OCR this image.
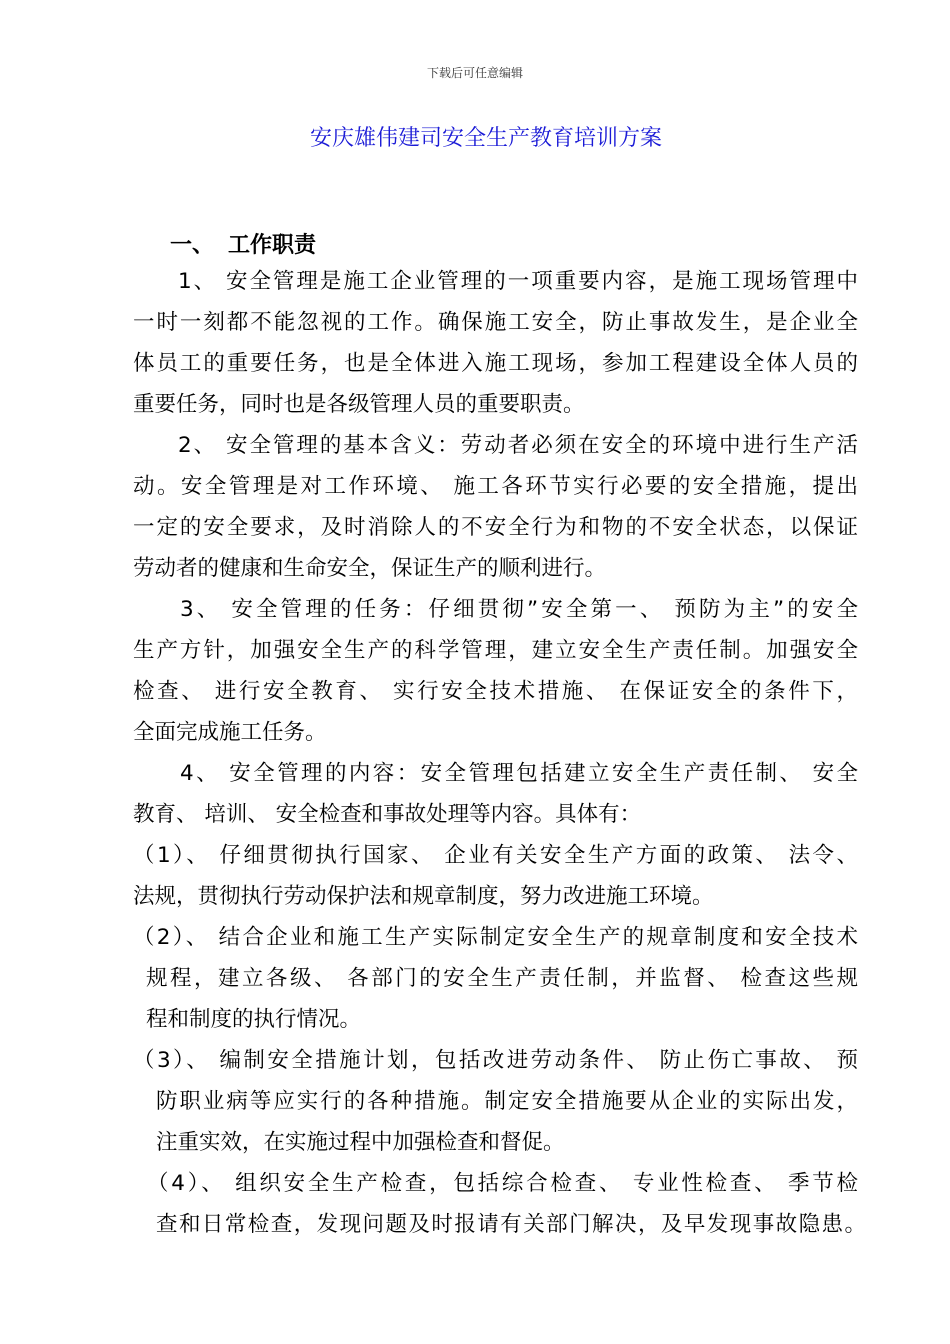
下载后可任意编辑
安庆雄伟建司安全生产教育培训方案
一、 工作职责
1、 安全管理是施工企业管理的一项重要内容，是施工现场管理中
一时一刻都不能忽视的工作。确保施工安全，防止事故发生，是企业全
体员工的重要任务，也是全体进入施工现场，参加工程建设全体人员的
重要任务，同时也是各级管理人员的重要职责。
2、 安全管理的基本含义：劳动者必须在安全的环境中进行生产活
动。安全管理是对工作环境、 施工各环节实行必要的安全措施，提出
一定的安全要求，及时消除人的不安全行为和物的不安全状态，以保证
劳动者的健康和生命安全，保证生产的顺利进行。
3、 安全管理的任务：仔细贯彻”安全第一、 预防为主”的安全
生产方针，加强安全生产的科学管理，建立安全生产责任制。加强安全
检查、 进行安全教育、 实行安全技术措施、 在保证安全的条件下，
全面完成施工任务。
4、 安全管理的内容：安全管理包括建立安全生产责任制、 安全
教育、 培训、 安全检查和事故处理等内容。具体有：
（1）、 仔细贯彻执行国家、 企业有关安全生产方面的政策、 法令、
法规，贯彻执行劳动保护法和规章制度，努力改进施工环境。
（2）、 结合企业和施工生产实际制定安全生产的规章制度和安全技术
规程，建立各级、 各部门的安全生产责任制，并监督、 检查这些规
程和制度的执行情况。
（3）、 编制安全措施计划，包括改进劳动条件、 防止伤亡事故、 预
防职业病等应实行的各种措施。制定安全措施要从企业的实际出发，
注重实效，在实施过程中加强检查和督促。
（4）、 组织安全生产检查，包括综合检查、 专业性检查、 季节检
查和日常检查，发现问题及时报请有关部门解决，及早发现事故隐患。
